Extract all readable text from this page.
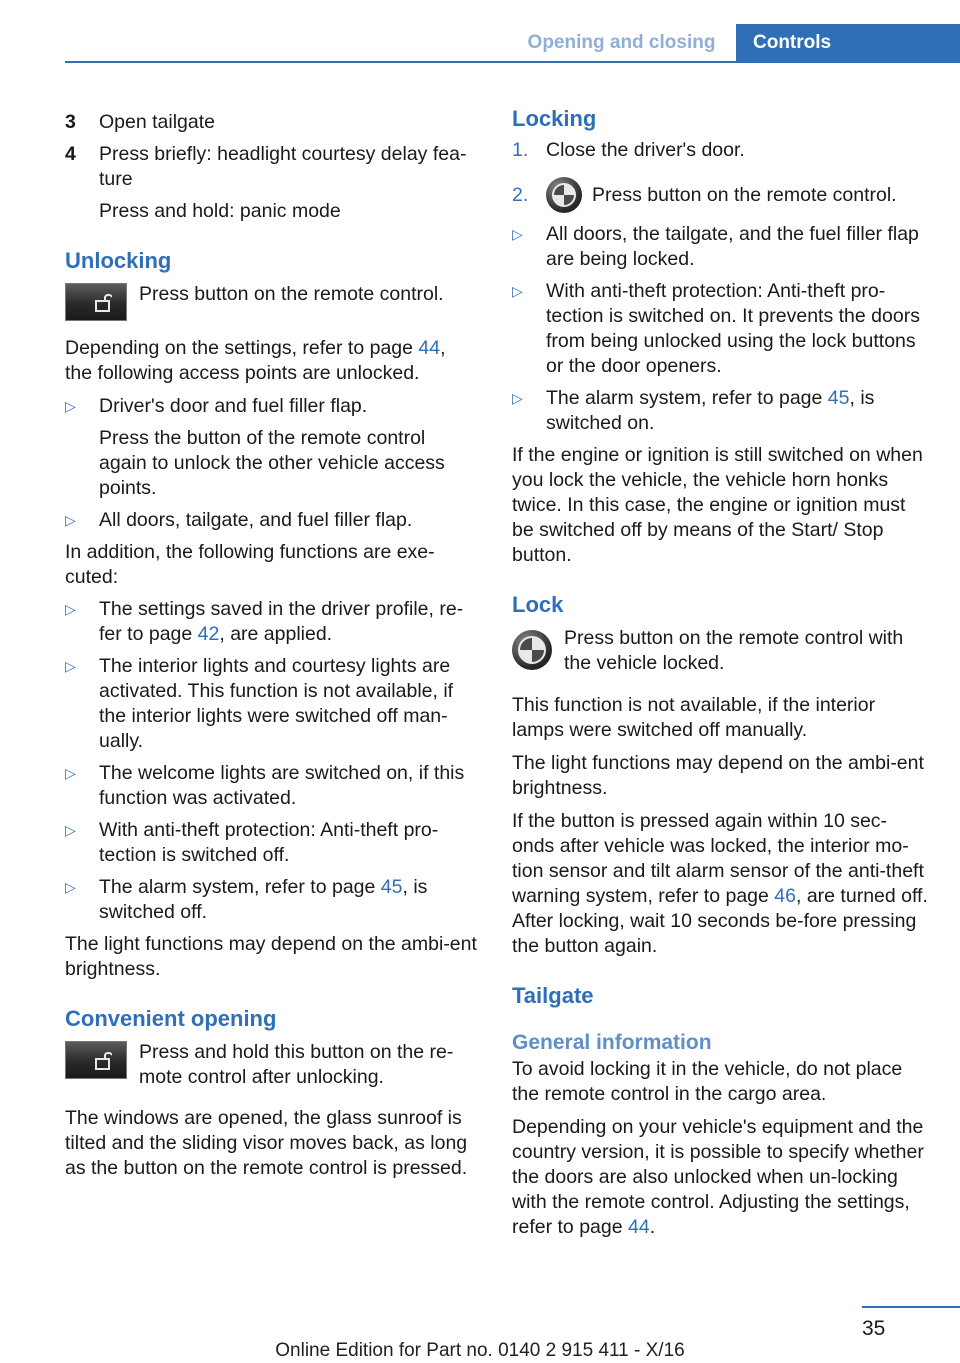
Opening and closing	Controls
3	Open tailgate
4	Press briefly: headlight courtesy delay fea-ture
Press and hold: panic mode
Unlocking

Press button on the remote control.

Depending on the settings, refer to page 44,
the following access points are unlocked.

▷	Driver's door and fuel filler flap.
Press the button of the remote control again to unlock the other vehicle access points.
▷	All doors, tailgate, and fuel filler flap.

In addition, the following functions are exe-cuted:

▷	The settings saved in the driver profile, re-fer to page 42, are applied.
▷	The interior lights and courtesy lights are activated. This function is not available, if the interior lights were switched off man-ually.
▷	The welcome lights are switched on, if this function was activated.
▷	With anti-theft protection: Anti-theft pro-tection is switched off.
▷	The alarm system, refer to page 45, is switched off.

The light functions may depend on the ambi-ent brightness.

Convenient opening

Press and hold this button on the re-mote control after unlocking.

The windows are opened, the glass sunroof is tilted and the sliding visor moves back, as long as the button on the remote control is pressed.

Locking
1. Close the driver's door.
2.	Press button on the remote control.
▷	All doors, the tailgate, and the fuel filler flap are being locked.
▷	With anti-theft protection: Anti-theft pro-tection is switched on. It prevents the doors from being unlocked using the lock buttons or the door openers.
▷	The alarm system, refer to page 45, is switched on.

If the engine or ignition is still switched on when you lock the vehicle, the vehicle horn honks twice. In this case, the engine or ignition must be switched off by means of the Start/ Stop button.

Lock

Press button on the remote control with the vehicle locked.

This function is not available, if the interior lamps were switched off manually.

The light functions may depend on the ambi-ent brightness.

If the button is pressed again within 10 sec-onds after vehicle was locked, the interior mo-tion sensor and tilt alarm sensor of the anti-theft warning system, refer to page 46, are turned off. After locking, wait 10 seconds be-fore pressing the button again.

Tailgate
General information

To avoid locking it in the vehicle, do not place the remote control in the cargo area.

Depending on your vehicle's equipment and the country version, it is possible to specify whether the doors are also unlocked when un-locking with the remote control. Adjusting the settings, refer to page 44.

35
Online Edition for Part no. 0140 2 915 411 - X/16
